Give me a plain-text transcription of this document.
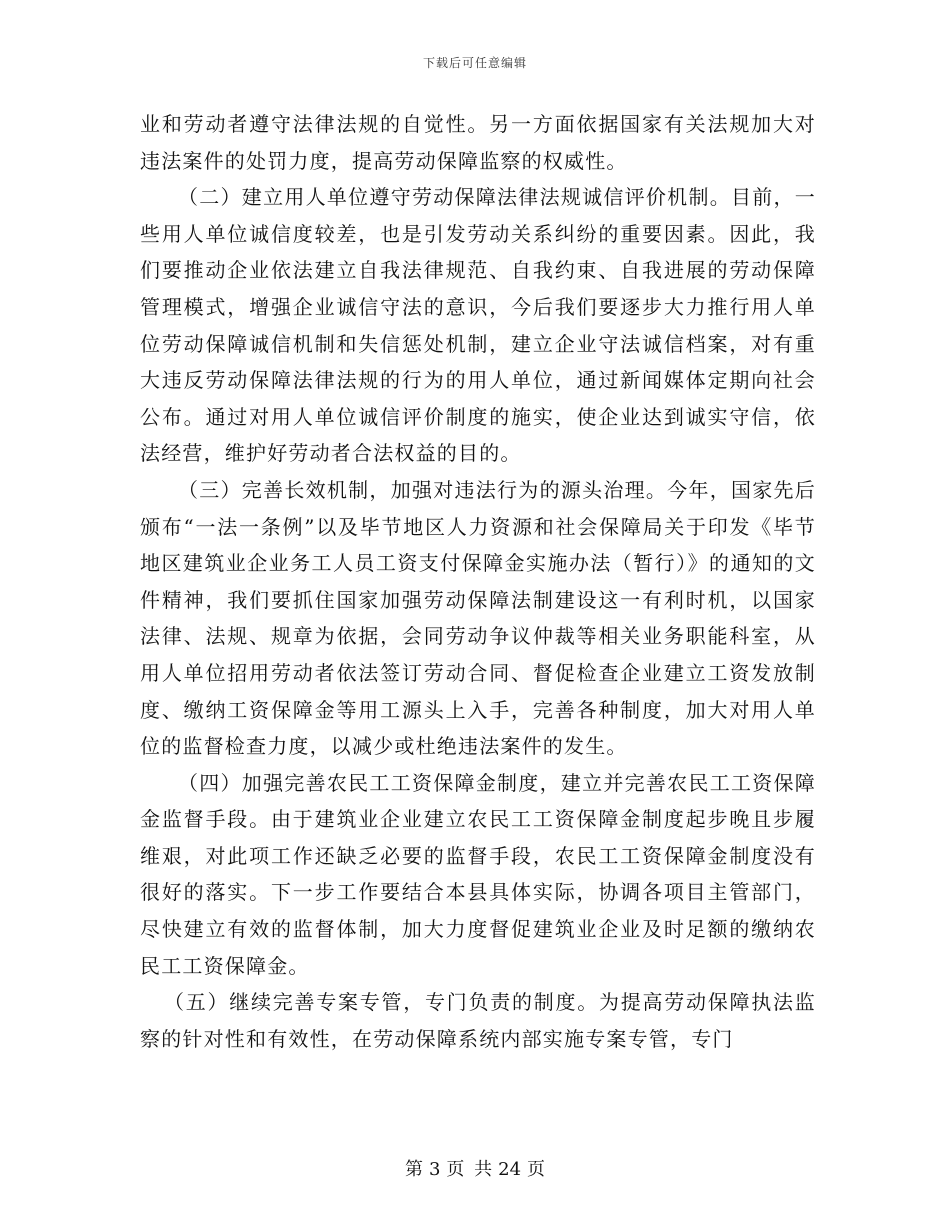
下载后可任意编辑

业和劳动者遵守法律法规的自觉性。另一方面依据国家有关法规加大对违法案件的处罚力度，提高劳动保障监察的权威性。

（二）建立用人单位遵守劳动保障法律法规诚信评价机制。目前，一些用人单位诚信度较差，也是引发劳动关系纠纷的重要因素。因此，我们要推动企业依法建立自我法律规范、自我约束、自我进展的劳动保障管理模式，增强企业诚信守法的意识，今后我们要逐步大力推行用人单位劳动保障诚信机制和失信惩处机制，建立企业守法诚信档案，对有重大违反劳动保障法律法规的行为的用人单位，通过新闻媒体定期向社会公布。通过对用人单位诚信评价制度的施实，使企业达到诚实守信，依法经营，维护好劳动者合法权益的目的。

（三）完善长效机制，加强对违法行为的源头治理。今年，国家先后颁布“一法一条例”以及毕节地区人力资源和社会保障局关于印发《毕节地区建筑业企业务工人员工资支付保障金实施办法（暂行）》的通知的文件精神，我们要抓住国家加强劳动保障法制建设这一有利时机，以国家法律、法规、规章为依据，会同劳动争议仲裁等相关业务职能科室，从用人单位招用劳动者依法签订劳动合同、督促检查企业建立工资发放制度、缴纳工资保障金等用工源头上入手，完善各种制度，加大对用人单位的监督检查力度，以减少或杜绝违法案件的发生。

（四）加强完善农民工工资保障金制度，建立并完善农民工工资保障金监督手段。由于建筑业企业建立农民工工资保障金制度起步晚且步履维艰，对此项工作还缺乏必要的监督手段，农民工工资保障金制度没有很好的落实。下一步工作要结合本县具体实际，协调各项目主管部门，尽快建立有效的监督体制，加大力度督促建筑业企业及时足额的缴纳农民工工资保障金。

（五）继续完善专案专管，专门负责的制度。为提高劳动保障执法监察的针对性和有效性，在劳动保障系统内部实施专案专管，专门

第 3 页 共 24 页
